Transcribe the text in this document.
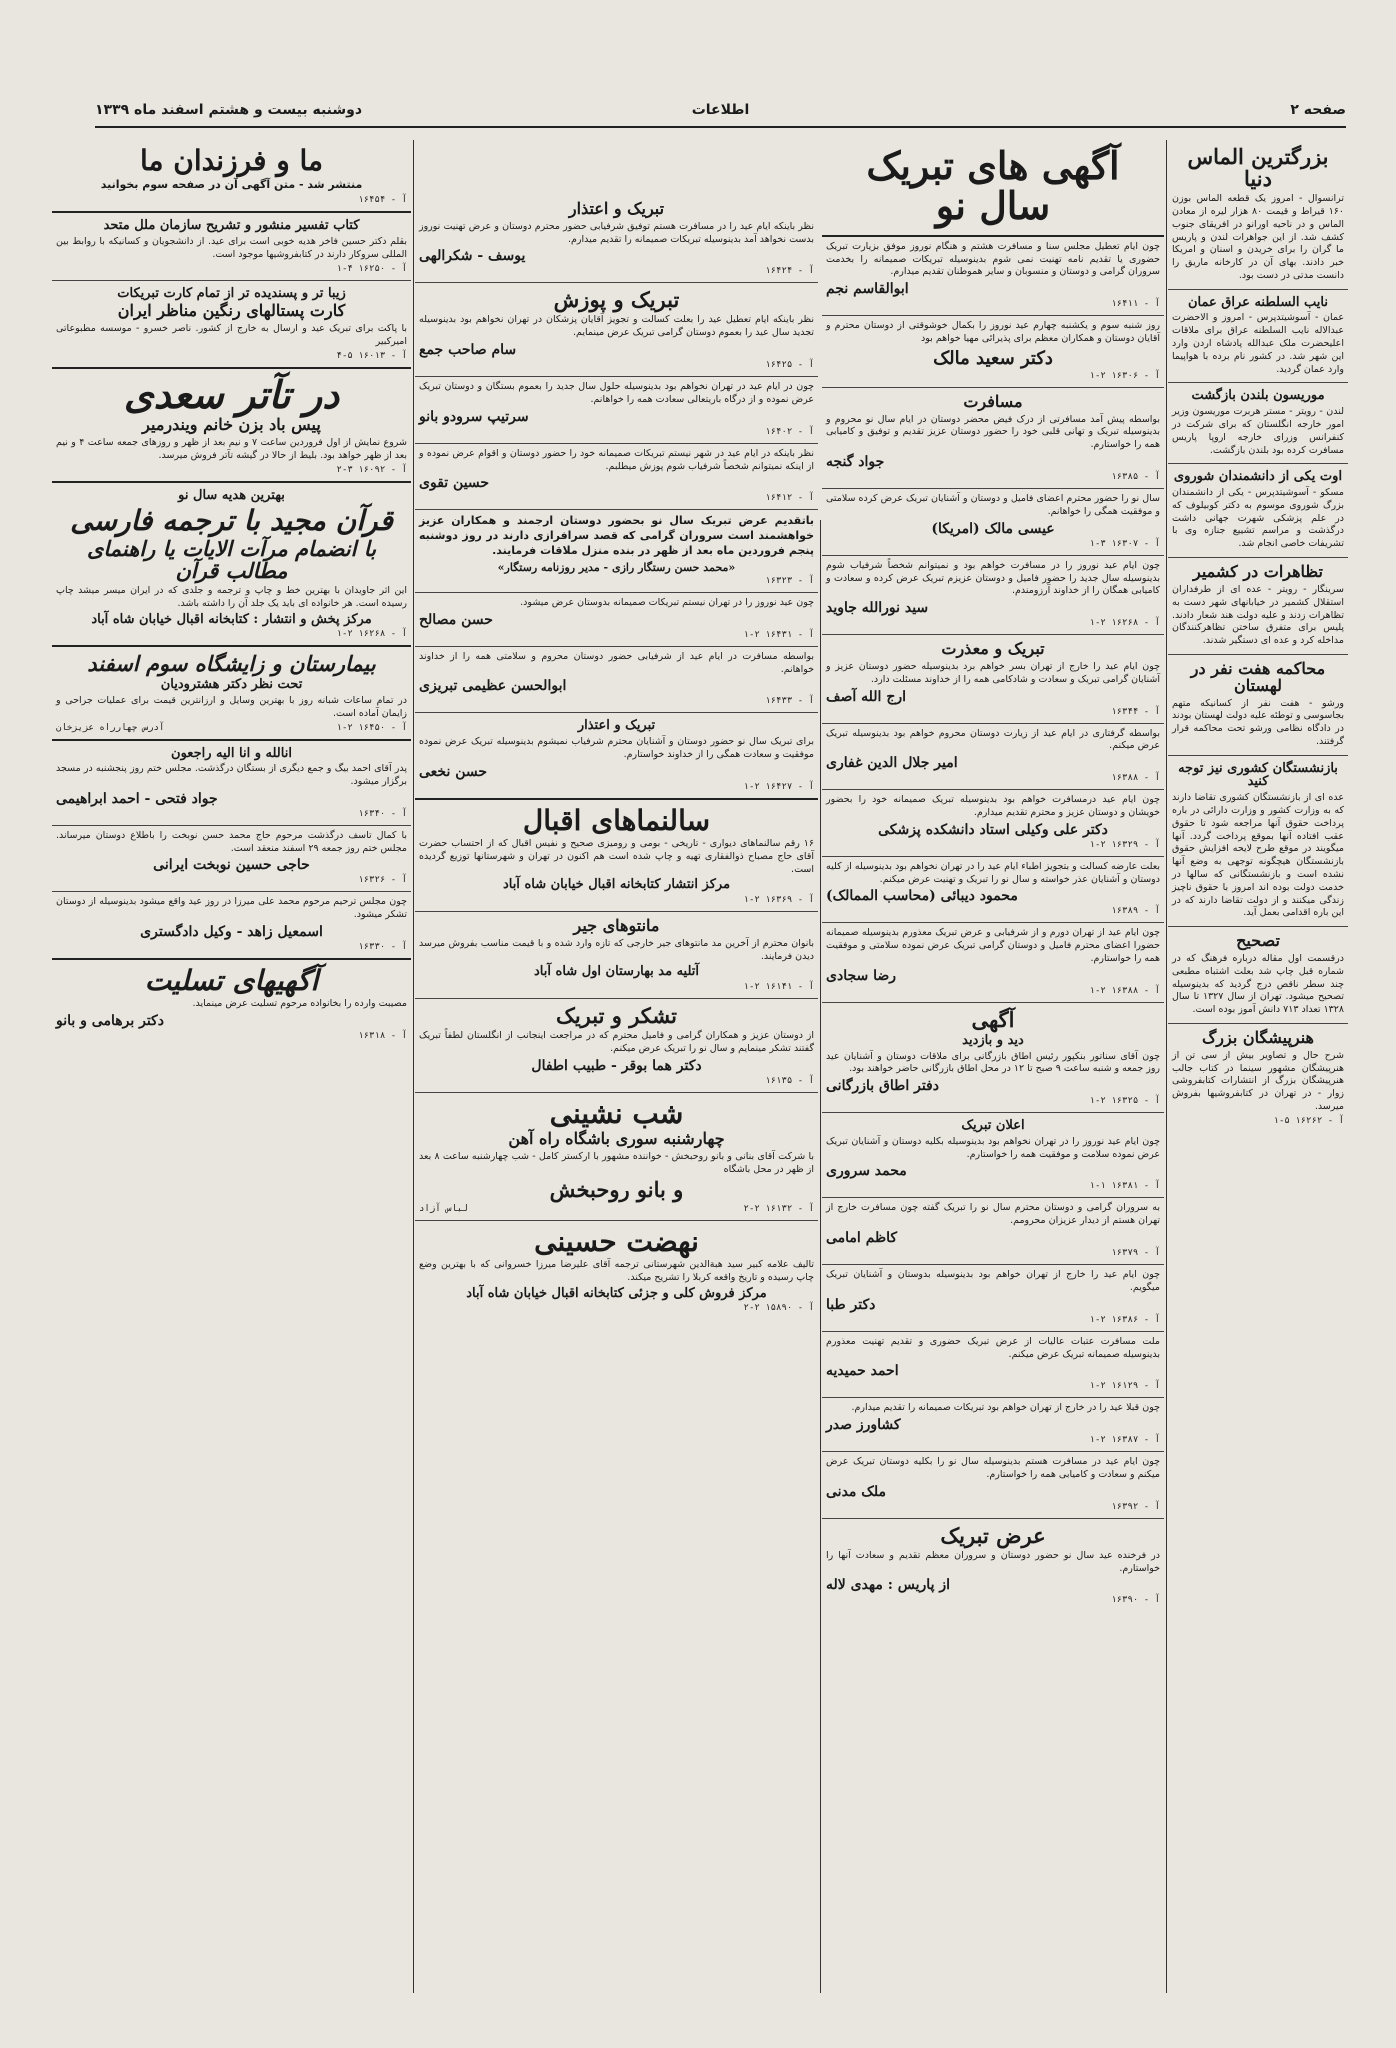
صفحه ۲
اطلاعات
دوشنبه بیست و هشتم اسفند ماه ۱۳۳۹
بزرگترین الماس دنیا
ترانسوال - امروز یک قطعه الماس بوزن ۱۶۰ قیراط و قیمت ۸۰ هزار لیره از معادن الماس و در ناحیه اورانو در افریقای جنوب کشف شد. از این جواهرات لندن و پاریس ما گران را برای خریدن و اسنان و امریکا خبر دادند. بهای آن در کارخانه ماریق را دانست مدتی در دست بود.
نایب السلطنه عراق عمان
عمان - آسوشیتدپرس - امروز و الاحضرت عبدالاله نایب السلطنه عراق برای ملاقات اعلیحضرت ملک عبدالله پادشاه اردن وارد این شهر شد. در کشور نام برده با هواپیما وارد عمان گردید.
موریسون بلندن بازگشت
لندن - رویتر - مستر هربرت موریسون وزیر امور خارجه انگلستان که برای شرکت در کنفرانس وزرای خارجه اروپا پاریس مسافرت کرده بود بلندن بازگشت.
اوت یکی از دانشمندان شوروی
مسکو - آسوشیتدپرس - یکی از دانشمندان بزرگ شوروی موسوم به دکتر کوبیلوف که در علم پزشکی شهرت جهانی داشت درگذشت و مراسم تشییع جنازه وی با تشریفات خاصی انجام شد.
تظاهرات در کشمیر
سرینگار - رویتر - عده ای از طرفداران استقلال کشمیر در خیابانهای شهر دست به تظاهرات زدند و علیه دولت هند شعار دادند. پلیس برای متفرق ساختن تظاهرکنندگان مداخله کرد و عده ای دستگیر شدند.
محاکمه هفت نفر در لهستان
ورشو - هفت نفر از کسانیکه متهم بجاسوسی و توطئه علیه دولت لهستان بودند در دادگاه نظامی ورشو تحت محاکمه قرار گرفتند.
بازنشستگان کشوری نیز توجه کنید
عده ای از بازنشستگان کشوری تقاضا دارند که به وزارت کشور و وزارت دارائی در باره پرداخت حقوق آنها مراجعه شود تا حقوق عقب افتاده آنها بموقع پرداخت گردد. آنها میگویند در موقع طرح لایحه افزایش حقوق بازنشستگان هیچگونه توجهی به وضع آنها نشده است و بازنشستگانی که سالها در خدمت دولت بوده اند امروز با حقوق ناچیز زندگی میکنند و از دولت تقاضا دارند که در این باره اقدامی بعمل آید.
تصحیح
درقسمت اول مقاله درباره فرهنگ که در شماره قبل چاپ شد بعلت اشتباه مطبعی چند سطر ناقص درج گردید که بدینوسیله تصحیح میشود. تهران از سال ۱۳۲۷ تا سال ۱۳۲۸ تعداد ۷۱۳ دانش آموز بوده است.
هنرپیشگان بزرگ
شرح حال و تصاویر بیش از سی تن از هنرپیشگان مشهور سینما در کتاب جالب هنرپیشگان بزرگ از انتشارات کتابفروشی زوار - در تهران در کتابفروشیها بفروش میرسد.
آ - ۱۶۲۶۲ ۵-۱
آگهی های تبریک سال نو
چون ایام تعطیل مجلس سنا و مسافرت هشتم و هنگام نوروز موفق بزیارت تبریک حضوری یا تقدیم نامه تهنیت نمی شوم بدینوسیله تبریکات صمیمانه را بخدمت سروران گرامی و دوستان و منسوبان و سایر هموطنان تقدیم میدارم.
ابوالقاسم نجم
آ - ۱۶۴۱۱
روز شنبه سوم و یکشنبه چهارم عید نوروز را بکمال خوشوقتی از دوستان محترم و آقایان دوستان و همکاران معظم برای پذیرائی مهیا خواهم بود
دکتر سعید مالک
آ - ۱۶۳۰۶ ۲-۱
مسافرت
بواسطه پیش آمد مسافرتی از درک فیض محضر دوستان در ایام سال نو محروم و بدینوسیله تبریک و تهانی قلبی خود را حضور دوستان عزیز تقدیم و توفیق و کامیابی همه را خواستارم.
جواد گنجه
آ - ۱۶۳۸۵
سال نو را حضور محترم اعضای فامیل و دوستان و آشنایان تبریک عرض کرده سلامتی و موفقیت همگی را خواهانم.
عیسی مالک (امریکا)
آ - ۱۶۳۰۷ ۳-۱
چون ایام عید نوروز را در مسافرت خواهم بود و نمیتوانم شخصاً شرفیاب شوم بدینوسیله سال جدید را حضور فامیل و دوستان عزیزم تبریک عرض کرده و سعادت و کامیابی همگان را از خداوند آرزومندم.
سید نورالله جاوید
آ - ۱۶۲۶۸ ۲-۱
تبریک و معذرت
چون ایام عید را خارج از تهران بسر خواهم برد بدینوسیله حضور دوستان عزیز و آشنایان گرامی تبریک و سعادت و شادکامی همه را از خداوند مسئلت دارد.
ارج الله آصف
آ - ۱۶۳۴۴
بواسطه گرفتاری در ایام عید از زیارت دوستان محروم خواهم بود بدینوسیله تبریک عرض میکنم.
امیر جلال الدین غفاری
آ - ۱۶۳۸۸
چون ایام عید درمسافرت خواهم بود بدینوسیله تبریک صمیمانه خود را بحضور خویشان و دوستان عزیز و محترم تقدیم میدارم.
دکتر علی وکیلی استاد دانشکده پزشکی
آ - ۱۶۳۲۹ ۲-۱
بعلت عارضه کسالت و بتجویز اطباء ایام عید را در تهران نخواهم بود بدینوسیله از کلیه دوستان و آشنایان عذر خواسته و سال نو را تبریک و تهنیت عرض میکنم.
محمود دیبائی (محاسب الممالک)
آ - ۱۶۳۸۹
چون ایام عید از تهران دورم و از شرفیابی و عرض تبریک معذورم بدینوسیله صمیمانه حضورا اعضای محترم فامیل و دوستان گرامی تبریک عرض نموده سلامتی و موفقیت همه را خواستارم.
رضا سجادی
آ - ۱۶۳۸۸ ۲-۱
آگهی
دید و بازدید
چون آقای سناتور بنکپور رئیس اطاق بازرگانی برای ملاقات دوستان و آشنایان عید روز جمعه و شنبه ساعت ۹ صبح تا ۱۲ در محل اطاق بازرگانی حاضر خواهند بود.
دفتر اطاق بازرگانی
آ - ۱۶۳۲۵ ۲-۱
اعلان تبریک
چون ایام عید نوروز را در تهران نخواهم بود بدینوسیله بکلیه دوستان و آشنایان تبریک عرض نموده سلامت و موفقیت همه را خواستارم.
محمد سروری
آ - ۱۶۳۸۱ ۱-۱
به سروران گرامی و دوستان محترم سال نو را تبریک گفته چون مسافرت خارج از تهران هستم از دیدار عزیزان محرومم.
کاظم امامی
آ - ۱۶۳۷۹
چون ایام عید را خارج از تهران خواهم بود بدینوسیله بدوستان و آشنایان تبریک میگویم.
دکتر طبا
آ - ۱۶۳۸۶ ۲-۱
ملت مسافرت عتبات عالیات از عرض تبریک حضوری و تقدیم تهنیت معذورم بدینوسیله صمیمانه تبریک عرض میکنم.
احمد حمیدیه
آ - ۱۶۱۲۹ ۲-۱
چون قبلا عید را در خارج از تهران خواهم بود تبریکات صمیمانه را تقدیم میدارم.
کشاورز صدر
آ - ۱۶۳۸۷ ۲-۱
چون ایام عید در مسافرت هستم بدینوسیله سال نو را بکلیه دوستان تبریک عرض میکنم و سعادت و کامیابی همه را خواستارم.
ملک مدنی
آ - ۱۶۳۹۲
عرض تبریک
در فرخنده عید سال نو حضور دوستان و سروران معظم تقدیم و سعادت آنها را خواستارم.
از پاریس : مهدی لاله
آ - ۱۶۳۹۰
تبریک و اعتذار
نظر باینکه ایام عید را در مسافرت هستم توفیق شرفیابی حضور محترم دوستان و عرض تهنیت نوروز بدست نخواهد آمد بدینوسیله تبریکات صمیمانه را تقدیم میدارم.
یوسف - شکرالهی
آ - ۱۶۴۲۴
تبریک و پوزش
نظر باینکه ایام تعطیل عید را بعلت کسالت و تجویز آقایان پزشکان در تهران نخواهم بود بدینوسیله تجدید سال عید را بعموم دوستان گرامی تبریک عرض مینمایم.
سام صاحب جمع
آ - ۱۶۴۲۵
چون در ایام عید در تهران نخواهم بود بدینوسیله حلول سال جدید را بعموم بستگان و دوستان تبریک عرض نموده و از درگاه باریتعالی سعادت همه را خواهانم.
سرتیپ سرودو بانو
آ - ۱۶۴۰۲
نظر باینکه در ایام عید در شهر نیستم تبریکات صمیمانه خود را حضور دوستان و اقوام عرض نموده و از اینکه نمیتوانم شخصاً شرفیاب شوم پوزش میطلبم.
حسین تقوی
آ - ۱۶۴۱۲
باتقدیم عرض تبریک سال نو بحضور دوستان ارجمند و همکاران عزیز خواهشمند است سروران گرامی که قصد سرافرازی دارند در روز دوشنبه پنجم فروردین ماه بعد از ظهر در بنده منزل ملاقات فرمایند.
«محمد حسن رستگار رازی - مدیر روزنامه رستگار»
آ - ۱۶۳۲۳
چون عید نوروز را در تهران نیستم تبریکات صمیمانه بدوستان عرض میشود.
حسن مصالح
آ - ۱۶۴۳۱ ۲-۱
بواسطه مسافرت در ایام عید از شرفیابی حضور دوستان محروم و سلامتی همه را از خداوند خواهانم.
ابوالحسن عظیمی تبریزی
آ - ۱۶۴۳۳
تبریک و اعتذار
برای تبریک سال نو حضور دوستان و آشنایان محترم شرفیاب نمیشوم بدینوسیله تبریک عرض نموده موفقیت و سعادت همگی را از خداوند خواستارم.
حسن نخعی
آ - ۱۶۴۲۷ ۲-۱
سالنماهای اقبال
۱۶ رقم سالنماهای دیواری - تاریخی - بومی و رومیزی صحیح و نفیس اقبال که از احتساب حضرت آقای حاج مصباح ذوالفقاری تهیه و چاپ شده است هم اکنون در تهران و شهرستانها توزیع گردیده است.
مرکز انتشار کتابخانه اقبال خیابان شاه آباد
آ - ۱۶۳۶۹ ۲-۱
مانتوهای جیر
بانوان محترم از آخرین مد مانتوهای جیر خارجی که تازه وارد شده و با قیمت مناسب بفروش میرسد دیدن فرمایند.
آتلیه مد بهارستان اول شاه آباد
آ - ۱۶۱۴۱ ۲-۱
تشکر و تبریک
از دوستان عزیز و همکاران گرامی و فامیل محترم که در مراجعت اینجانب از انگلستان لطفاً تبریک گفتند تشکر مینمایم و سال نو را تبریک عرض میکنم.
دکتر هما بوقر - طبیب اطفال
آ - ۱۶۱۳۵
شب نشینی
چهارشنبه سوری باشگاه راه آهن
با شرکت آقای بنانی و بانو روحبخش - خواننده مشهور با ارکستر کامل - شب چهارشنبه ساعت ۸ بعد از ظهر در محل باشگاه
و بانو روحبخش
آ - ۱۶۱۳۲ ۲-۲
لباس آزاد
نهضت حسینی
تالیف علامه کبیر سید هبةالدین شهرستانی ترجمه آقای علیرضا میرزا خسروانی که با بهترین وضع چاپ رسیده و تاریخ واقعه کربلا را تشریح میکند.
مرکز فروش کلی و جزئی کتابخانه اقبال خیابان شاه آباد
آ - ۱۵۸۹۰ ۲-۲
ما و فرزندان ما
منتشر شد - متن آگهی آن در صفحه سوم بخوانید
آ - ۱۶۴۵۴
کتاب تفسیر منشور و تشریح سازمان ملل متحد
بقلم دکتر حسین فاخر هدیه خوبی است برای عید. از دانشجویان و کسانیکه با روابط بین المللی سروکار دارند در کتابفروشیها موجود است.
آ - ۱۶۲۵۰ ۴-۱
زیبا تر و پسندیده تر از تمام کارت تبریکات
کارت پستالهای رنگین مناظر ایران
با پاکت برای تبریک عید و ارسال به خارج از کشور. ناصر خسرو - موسسه مطبوعاتی امیرکبیر
آ - ۱۶۰۱۳ ۵-۴
در تآتر سعدی
پیس باد بزن خانم ویندرمیر
شروع نمایش از اول فروردین ساعت ۷ و نیم بعد از ظهر و روزهای جمعه ساعت ۴ و نیم بعد از ظهر خواهد بود. بلیط از حالا در گیشه تآتر فروش میرسد.
آ - ۱۶۰۹۲ ۳-۲
بهترین هدیه سال نو
قرآن مجید با ترجمه فارسی
با انضمام مرآت الایات یا راهنمای مطالب قرآن
این اثر جاویدان با بهترین خط و چاپ و ترجمه و جلدی که در ایران میسر میشد چاپ رسیده است. هر خانواده ای باید یک جلد آن را داشته باشد.
مرکز پخش و انتشار : کتابخانه اقبال خیابان شاه آباد
آ - ۱۶۲۶۸ ۲-۱
بیمارستان و زایشگاه سوم اسفند
تحت نظر دکتر هشترودیان
در تمام ساعات شبانه روز با بهترین وسایل و ارزانترین قیمت برای عملیات جراحی و زایمان آماده است.
آ - ۱۶۴۵۰ ۲-۱
آدرس چهارراه عزیزخان
انالله و انا الیه راجعون
پدر آقای احمد بیگ و جمع دیگری از بستگان درگذشت. مجلس ختم روز پنجشنبه در مسجد برگزار میشود.
جواد فتحی - احمد ابراهیمی
آ - ۱۶۳۴۰
با کمال تاسف درگذشت مرحوم حاج محمد حسن نوبخت را باطلاع دوستان میرساند. مجلس ختم روز جمعه ۲۹ اسفند منعقد است.
حاجی حسین نوبخت ایرانی
آ - ۱۶۳۲۶
چون مجلس ترحیم مرحوم محمد علی میرزا در روز عید واقع میشود بدینوسیله از دوستان تشکر میشود.
اسمعیل زاهد - وکیل دادگستری
آ - ۱۶۳۳۰
آگهیهای تسلیت
مصیبت وارده را بخانواده مرحوم تسلیت عرض مینماید.
دکتر برهامی و بانو
آ - ۱۶۳۱۸
